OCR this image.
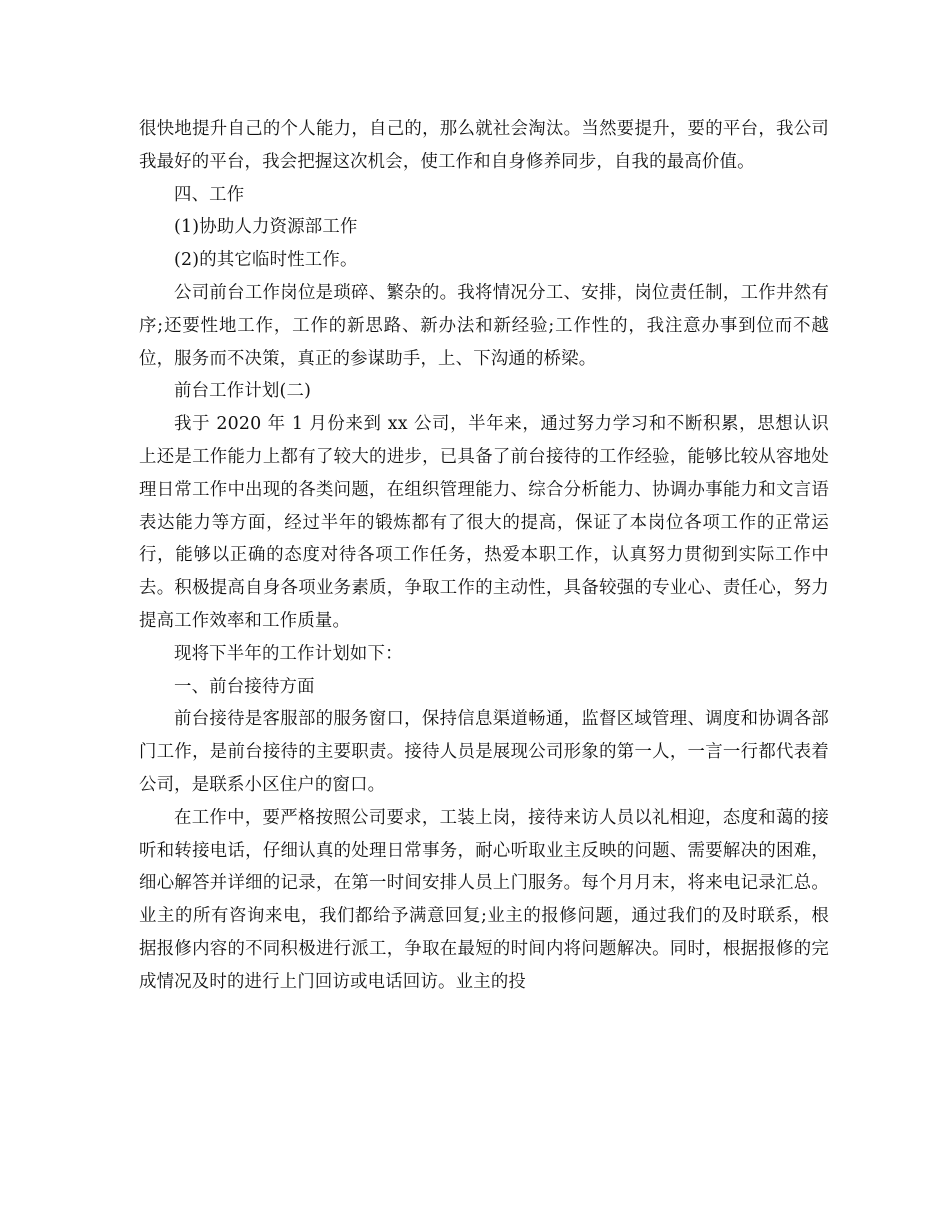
很快地提升自己的个人能力，自己的，那么就社会淘汰。当然要提升，要的平台，我公司我最好的平台，我会把握这次机会，使工作和自身修养同步，自我的最高价值。

四、工作

(1)协助人力资源部工作

(2)的其它临时性工作。

公司前台工作岗位是琐碎、繁杂的。我将情况分工、安排，岗位责任制，工作井然有序;还要性地工作，工作的新思路、新办法和新经验;工作性的，我注意办事到位而不越位，服务而不决策，真正的参谋助手，上、下沟通的桥梁。

前台工作计划(二)

我于 2020 年 1 月份来到 xx 公司，半年来，通过努力学习和不断积累，思想认识上还是工作能力上都有了较大的进步，已具备了前台接待的工作经验，能够比较从容地处理日常工作中出现的各类问题，在组织管理能力、综合分析能力、协调办事能力和文言语表达能力等方面，经过半年的锻炼都有了很大的提高，保证了本岗位各项工作的正常运行，能够以正确的态度对待各项工作任务，热爱本职工作，认真努力贯彻到实际工作中去。积极提高自身各项业务素质，争取工作的主动性，具备较强的专业心、责任心，努力提高工作效率和工作质量。

现将下半年的工作计划如下：

一、前台接待方面

前台接待是客服部的服务窗口，保持信息渠道畅通，监督区域管理、调度和协调各部门工作，是前台接待的主要职责。接待人员是展现公司形象的第一人，一言一行都代表着公司，是联系小区住户的窗口。

在工作中，要严格按照公司要求，工装上岗，接待来访人员以礼相迎，态度和蔼的接听和转接电话，仔细认真的处理日常事务，耐心听取业主反映的问题、需要解决的困难，细心解答并详细的记录，在第一时间安排人员上门服务。每个月月末，将来电记录汇总。业主的所有咨询来电，我们都给予满意回复;业主的报修问题，通过我们的及时联系，根据报修内容的不同积极进行派工，争取在最短的时间内将问题解决。同时，根据报修的完成情况及时的进行上门回访或电话回访。业主的投
